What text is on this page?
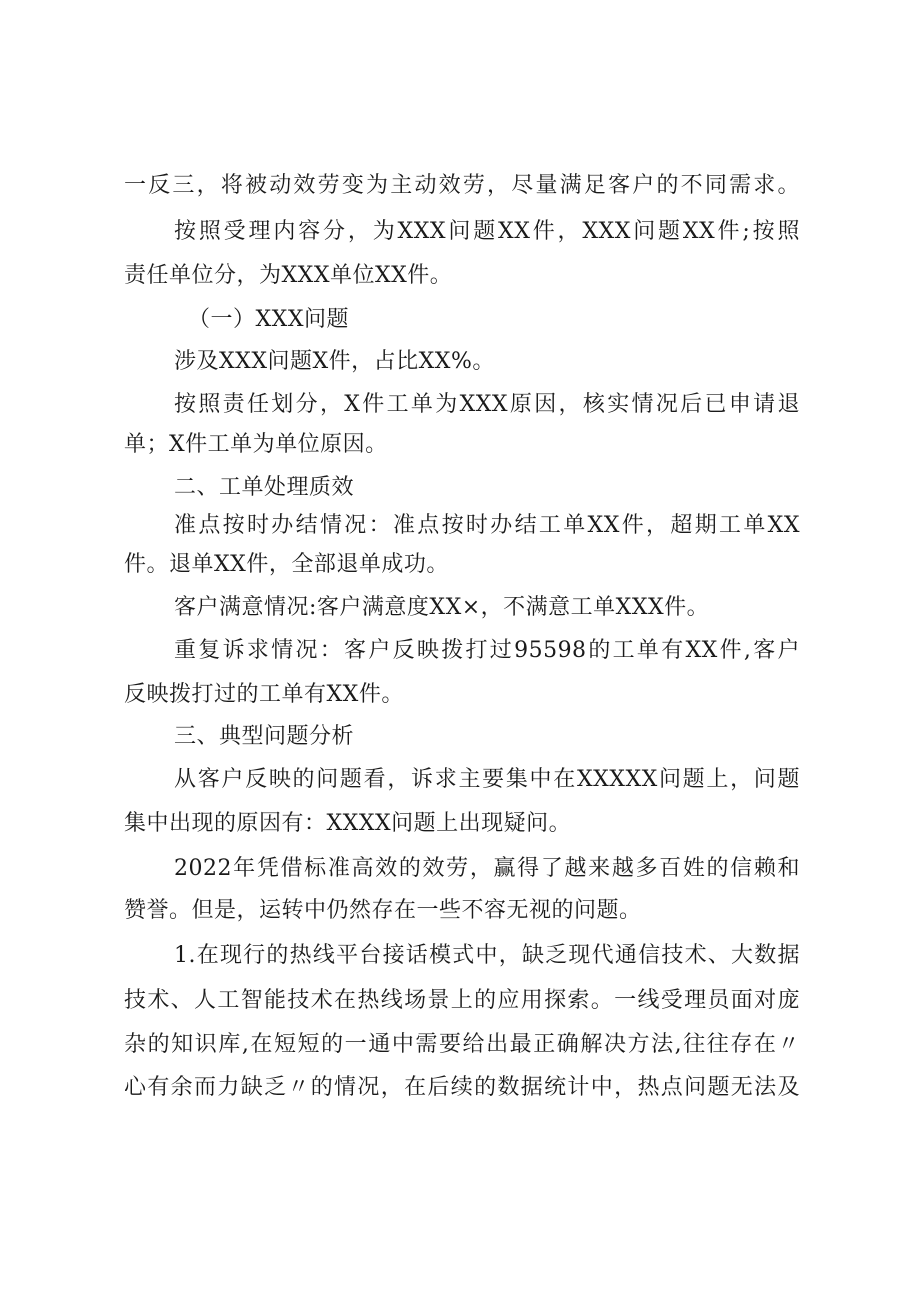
一反三，将被动效劳变为主动效劳，尽量满足客户的不同需求。
按照受理内容分，为XXX问题XX件，XXX问题XX件;按照
责任单位分，为XXX单位XX件。
（一）XXX问题
涉及XXX问题X件，占比XX%。
按照责任划分，X件工单为XXX原因，核实情况后已申请退
单；X件工单为单位原因。
二、工单处理质效
准点按时办结情况：准点按时办结工单XX件，超期工单XX
件。退单XX件，全部退单成功。
客户满意情况:客户满意度XX×，不满意工单XXX件。
重复诉求情况：客户反映拨打过95598的工单有XX件,客户
反映拨打过的工单有XX件。
三、典型问题分析
从客户反映的问题看，诉求主要集中在XXXXX问题上，问题
集中出现的原因有：XXXX问题上出现疑问。
2022年凭借标准高效的效劳，赢得了越来越多百姓的信赖和
赞誉。但是，运转中仍然存在一些不容无视的问题。
1.在现行的热线平台接话模式中，缺乏现代通信技术、大数据
技术、人工智能技术在热线场景上的应用探索。一线受理员面对庞
杂的知识库,在短短的一通中需要给出最正确解决方法,往往存在〃
心有余而力缺乏〃的情况，在后续的数据统计中，热点问题无法及
